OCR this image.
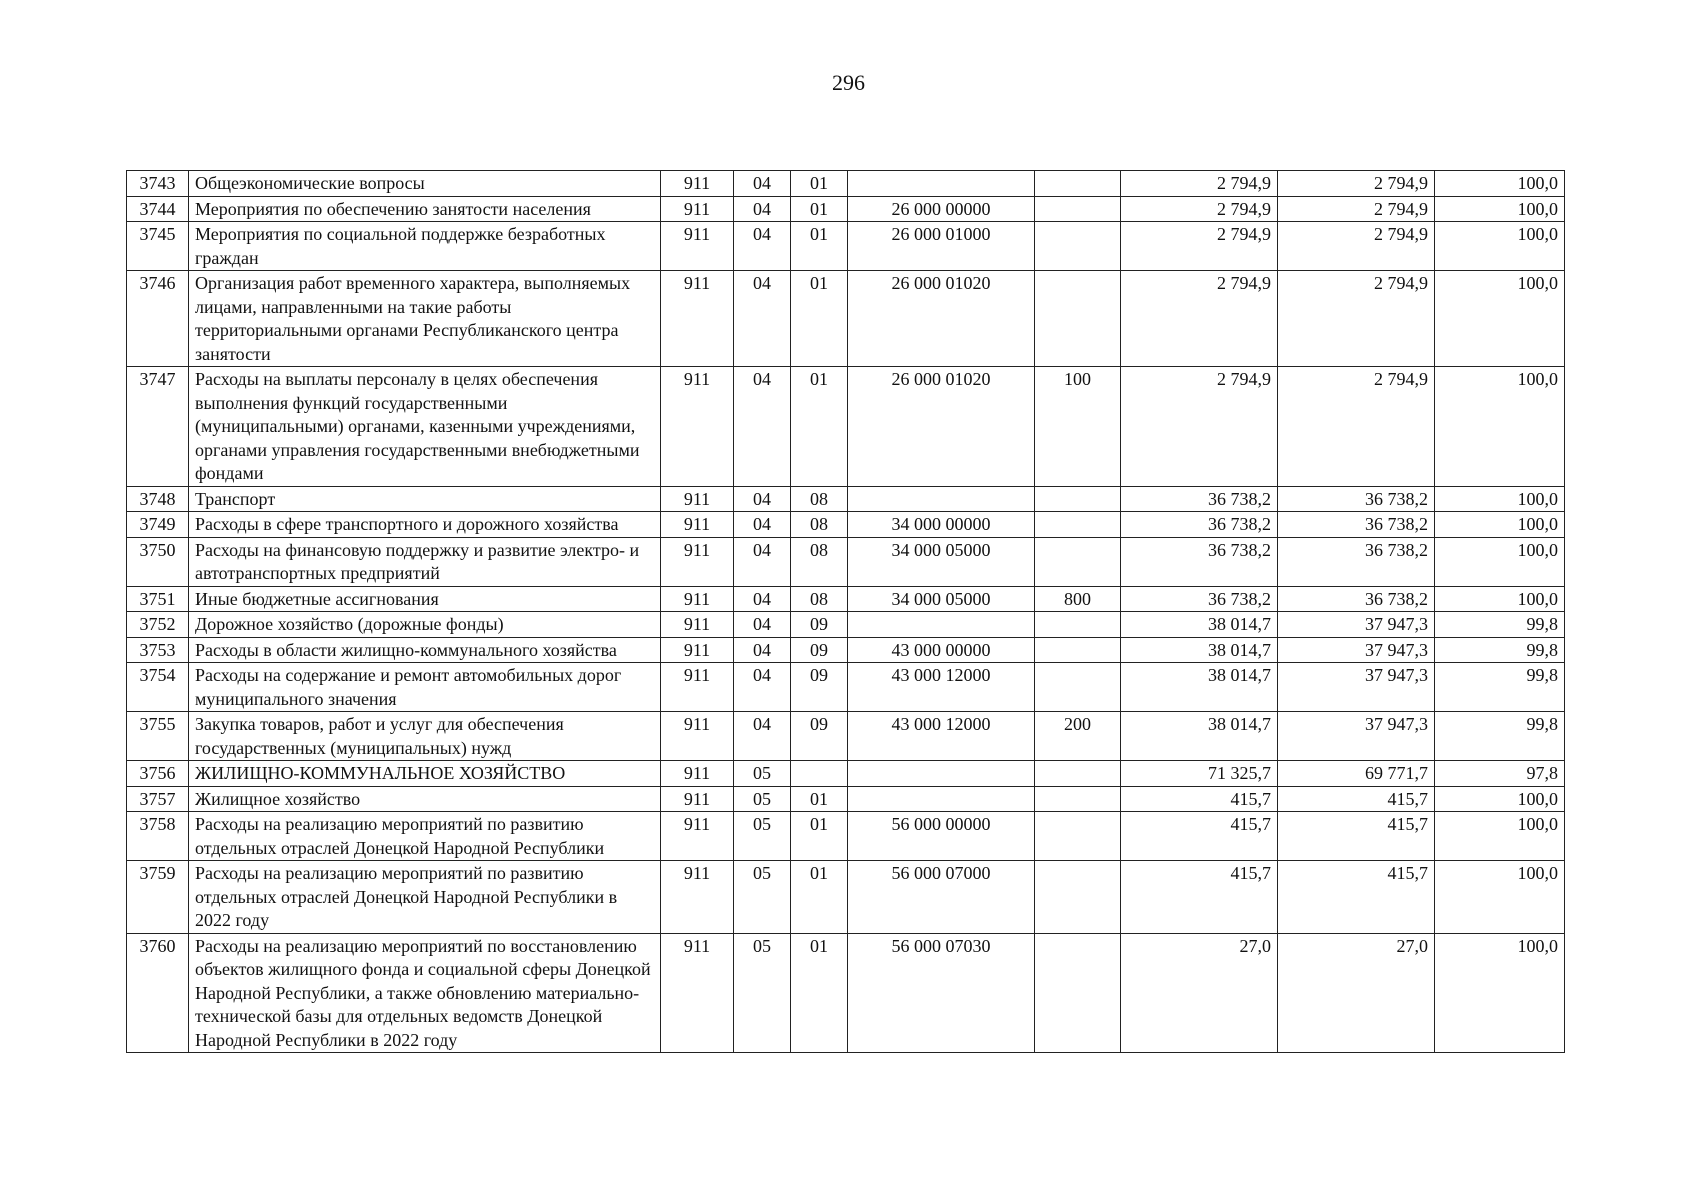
296
3743	Общеэкономические вопросы	911	04	01			2 794,9	2 794,9	100,0
3744	Мероприятия по обеспечению занятости населения	911	04	01	26 000 00000		2 794,9	2 794,9	100,0
3745	Мероприятия по социальной поддержке безработных граждан	911	04	01	26 000 01000		2 794,9	2 794,9	100,0
3746	Организация работ временного характера, выполняемых лицами, направленными на такие работы территориальными органами Республиканского центра занятости	911	04	01	26 000 01020		2 794,9	2 794,9	100,0
3747	Расходы на выплаты персоналу в целях обеспечения выполнения функций государственными (муниципальными) органами, казенными учреждениями, органами управления государственными внебюджетными фондами	911	04	01	26 000 01020	100	2 794,9	2 794,9	100,0
3748	Транспорт	911	04	08			36 738,2	36 738,2	100,0
3749	Расходы в сфере транспортного и дорожного хозяйства	911	04	08	34 000 00000		36 738,2	36 738,2	100,0
3750	Расходы на финансовую поддержку и развитие электро- и автотранспортных предприятий	911	04	08	34 000 05000		36 738,2	36 738,2	100,0
3751	Иные бюджетные ассигнования	911	04	08	34 000 05000	800	36 738,2	36 738,2	100,0
3752	Дорожное хозяйство (дорожные фонды)	911	04	09			38 014,7	37 947,3	99,8
3753	Расходы в области жилищно-коммунального хозяйства	911	04	09	43 000 00000		38 014,7	37 947,3	99,8
3754	Расходы на содержание и ремонт автомобильных дорог муниципального значения	911	04	09	43 000 12000		38 014,7	37 947,3	99,8
3755	Закупка товаров, работ и услуг для обеспечения государственных (муниципальных) нужд	911	04	09	43 000 12000	200	38 014,7	37 947,3	99,8
3756	ЖИЛИЩНО-КОММУНАЛЬНОЕ ХОЗЯЙСТВО	911	05				71 325,7	69 771,7	97,8
3757	Жилищное хозяйство	911	05	01			415,7	415,7	100,0
3758	Расходы на реализацию мероприятий по развитию отдельных отраслей Донецкой Народной Республики	911	05	01	56 000 00000		415,7	415,7	100,0
3759	Расходы на реализацию мероприятий по развитию отдельных отраслей Донецкой Народной Республики в 2022 году	911	05	01	56 000 07000		415,7	415,7	100,0
3760	Расходы на реализацию мероприятий по восстановлению объектов жилищного фонда и социальной сферы Донецкой Народной Республики, а также обновлению материально-технической базы для отдельных ведомств Донецкой Народной Республики в 2022 году	911	05	01	56 000 07030		27,0	27,0	100,0
